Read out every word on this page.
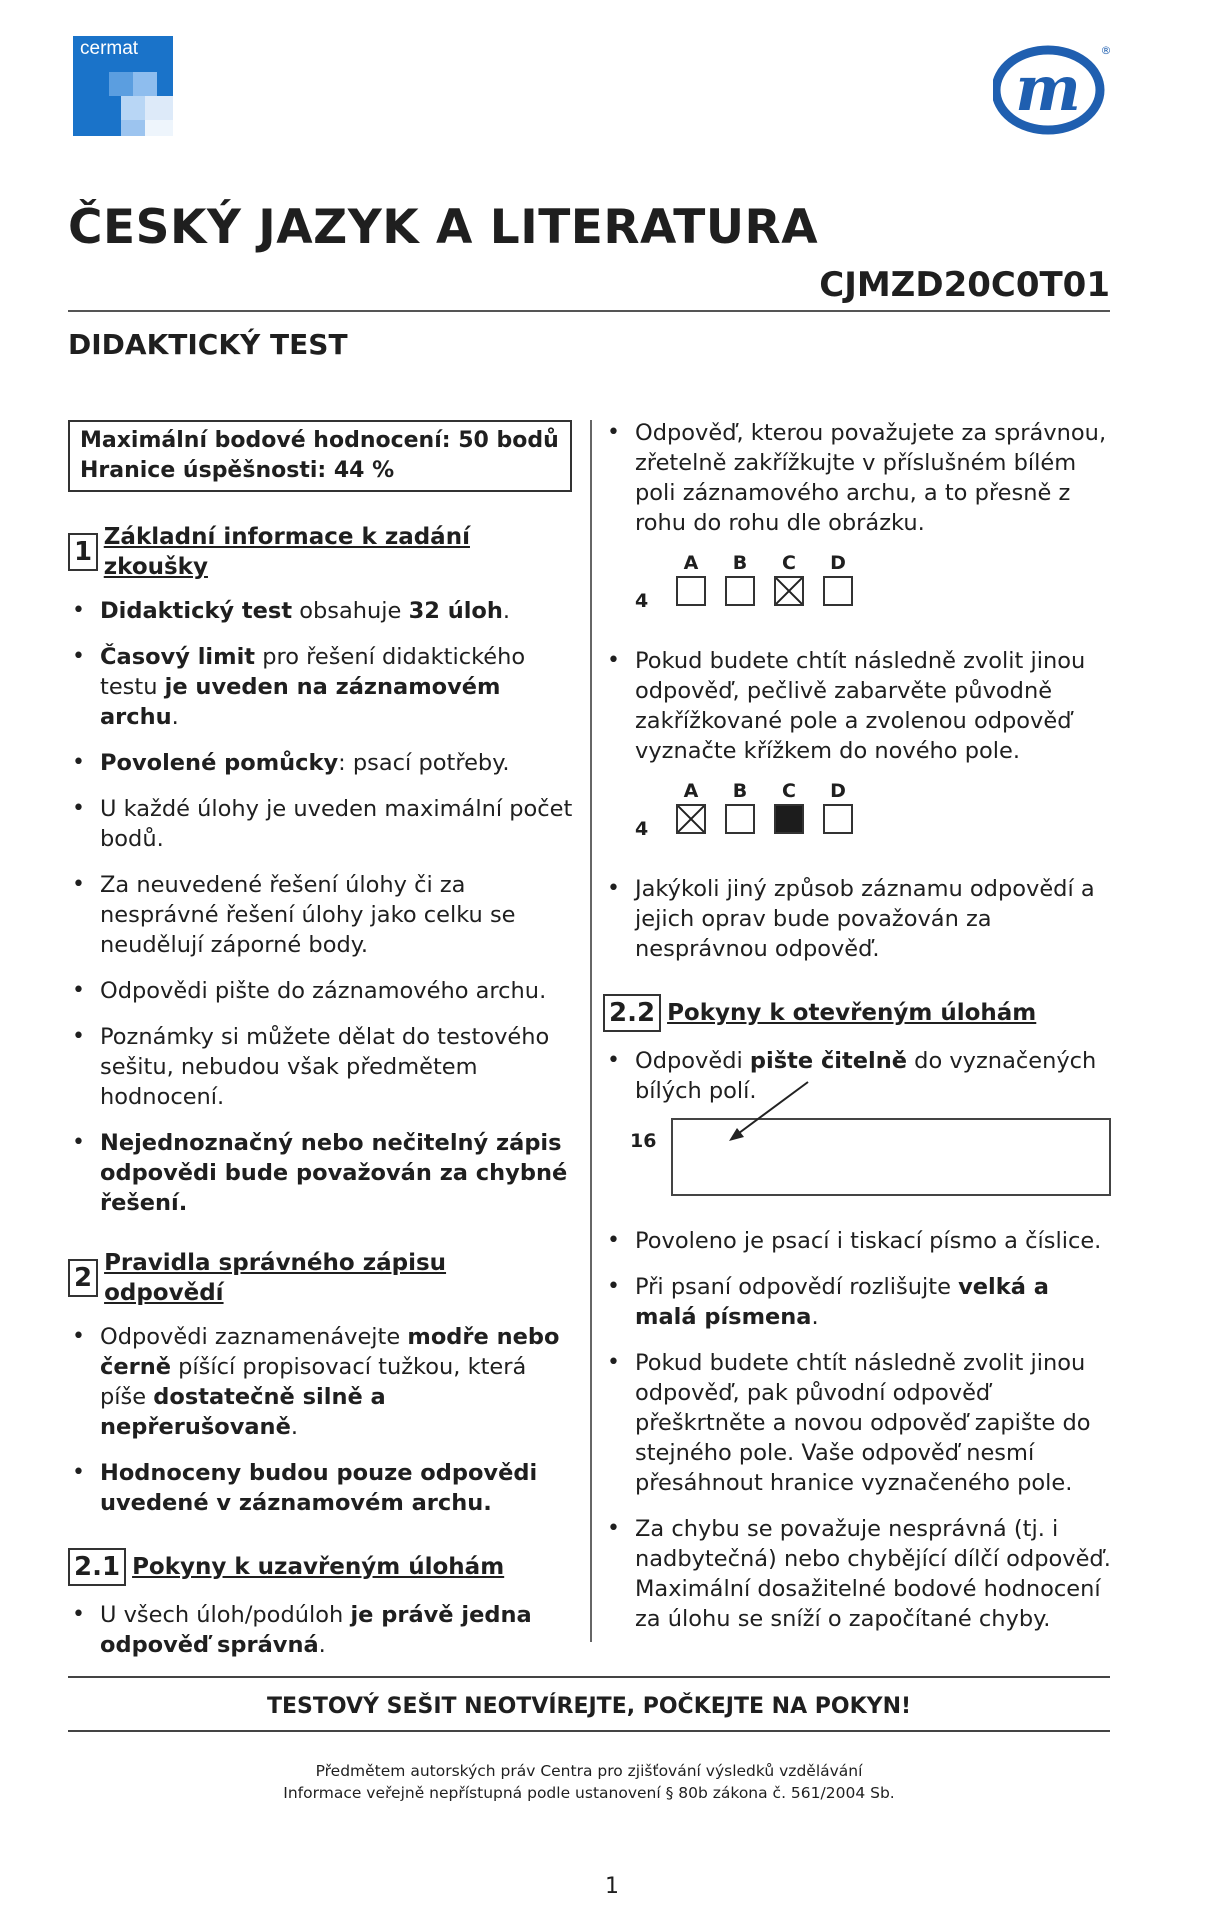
cermat
m
®
ČESKÝ JAZYK A LITERATURA
CJMZD20C0T01
DIDAKTICKÝ TEST
Maximální bodové hodnocení: 50 bodů
Hranice úspěšnosti: 44 %
1 Základní informace k zadání zkoušky
• Didaktický test obsahuje 32 úloh.
• Časový limit pro řešení didaktického testu je uveden na záznamovém archu.
• Povolené pomůcky: psací potřeby.
• U každé úlohy je uveden maximální počet bodů.
• Za neuvedené řešení úlohy či za nesprávné řešení úlohy jako celku se neudělují záporné body.
• Odpovědi pište do záznamového archu.
• Poznámky si můžete dělat do testového sešitu, nebudou však předmětem hodnocení.
• Nejednoznačný nebo nečitelný zápis odpovědi bude považován za chybné řešení.
2 Pravidla správného zápisu odpovědí
• Odpovědi zaznamenávejte modře nebo černě píšící propisovací tužkou, která píše dostatečně silně a nepřerušovaně.
• Hodnoceny budou pouze odpovědi uvedené v záznamovém archu.
2.1 Pokyny k uzavřeným úlohám
• U všech úloh/podúloh je právě jedna odpověď správná.
• Odpověď, kterou považujete za správnou, zřetelně zakřížkujte v příslušném bílém poli záznamového archu, a to přesně z rohu do rohu dle obrázku.
4
A	B	C	D
• Pokud budete chtít následně zvolit jinou odpověď, pečlivě zabarvěte původně zakřížkované pole a zvolenou odpověď vyznačte křížkem do nového pole.
4
A	B	C	D
• Jakýkoli jiný způsob záznamu odpovědí a jejich oprav bude považován za nesprávnou odpověď.
2.2 Pokyny k otevřeným úlohám
• Odpovědi pište čitelně do vyznačených bílých polí.
16
• Povoleno je psací i tiskací písmo a číslice.
• Při psaní odpovědí rozlišujte velká a malá písmena.
• Pokud budete chtít následně zvolit jinou odpověď, pak původní odpověď přeškrtněte a novou odpověď zapište do stejného pole. Vaše odpověď nesmí přesáhnout hranice vyznačeného pole.
• Za chybu se považuje nesprávná (tj. i nadbytečná) nebo chybějící dílčí odpověď. Maximální dosažitelné bodové hodnocení za úlohu se sníží o započítané chyby.
TESTOVÝ SEŠIT NEOTVÍREJTE, POČKEJTE NA POKYN!
Předmětem autorských práv Centra pro zjišťování výsledků vzdělávání
Informace veřejně nepřístupná podle ustanovení § 80b zákona č. 561/2004 Sb.
1
